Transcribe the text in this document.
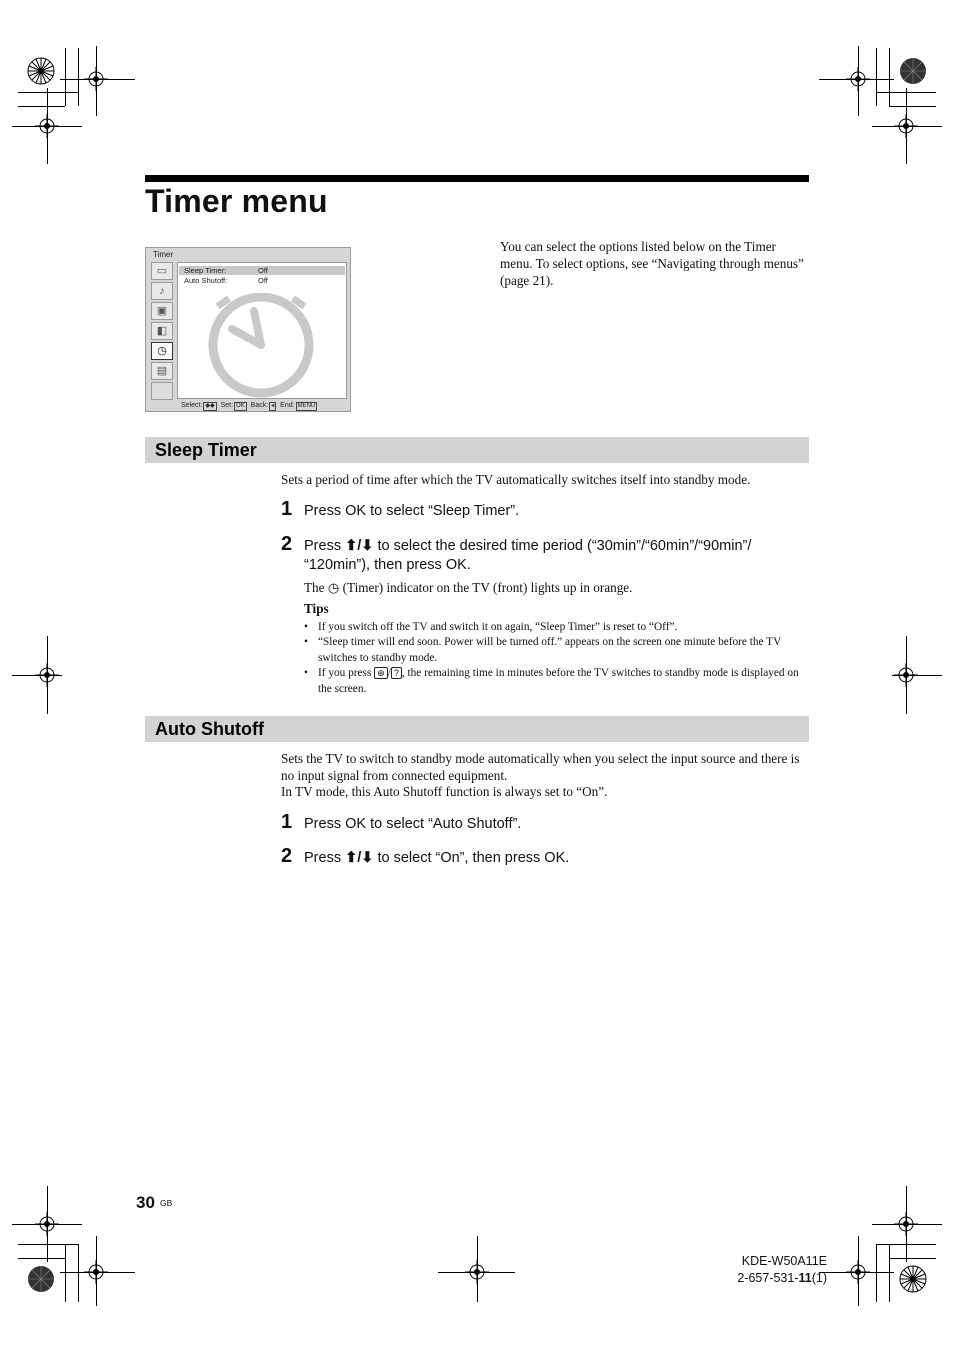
Timer menu
Timer
▭
♪
▣
◧
◷
▤
Sleep Timer:	Off
Auto Shutoff:	Off
Select: ◆◆ Set: OK Back: ◂ End: MENU
You can select the options listed below on the Timer menu. To select options, see “Navigating through menus” (page 21).
Sleep Timer
Sets a period of time after which the TV automatically switches itself into standby mode.
1 Press OK to select “Sleep Timer”.
2 Press ⬆/⬇ to select the desired time period (“30min”/“60min”/“90min”/ “120min”), then press OK.
The ◷ (Timer) indicator on the TV (front) lights up in orange.
Tips
• If you switch off the TV and switch it on again, “Sleep Timer” is reset to “Off”.
• “Sleep timer will end soon. Power will be turned off.” appears on the screen one minute before the TV switches to standby mode.
• If you press ⊕ / ? , the remaining time in minutes before the TV switches to standby mode is displayed on the screen.
Auto Shutoff
Sets the TV to switch to standby mode automatically when you select the input source and there is no input signal from connected equipment.
In TV mode, this Auto Shutoff function is always set to “On”.
1 Press OK to select “Auto Shutoff”.
2 Press ⬆/⬇ to select “On”, then press OK.
30 GB
KDE-W50A11E
2-657-531-11(1)
